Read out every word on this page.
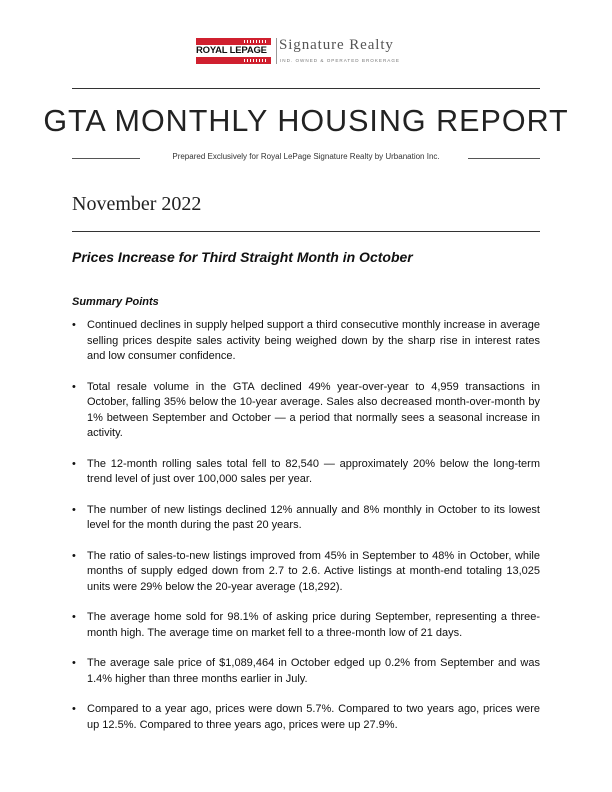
ROYAL LEPAGE Signature Realty
IND. OWNED & OPERATED BROKERAGE
GTA MONTHLY HOUSING REPORT
Prepared Exclusively for Royal LePage Signature Realty by Urbanation Inc.
November 2022
Prices Increase for Third Straight Month in October
Summary Points
• Continued declines in supply helped support a third consecutive monthly increase in average selling prices despite sales activity being weighed down by the sharp rise in interest rates and low consumer confidence.
• Total resale volume in the GTA declined 49% year-over-year to 4,959 transactions in October, falling 35% below the 10-year average. Sales also decreased month-over-month by 1% between September and October — a period that normally sees a seasonal increase in activity.
• The 12-month rolling sales total fell to 82,540 — approximately 20% below the long-term trend level of just over 100,000 sales per year.
• The number of new listings declined 12% annually and 8% monthly in October to its lowest level for the month during the past 20 years.
• The ratio of sales-to-new listings improved from 45% in September to 48% in October, while months of supply edged down from 2.7 to 2.6. Active listings at month-end totaling 13,025 units were 29% below the 20-year average (18,292).
• The average home sold for 98.1% of asking price during September, representing a three-month high. The average time on market fell to a three-month low of 21 days.
• The average sale price of $1,089,464 in October edged up 0.2% from September and was 1.4% higher than three months earlier in July.
• Compared to a year ago, prices were down 5.7%. Compared to two years ago, prices were up 12.5%. Compared to three years ago, prices were up 27.9%.
